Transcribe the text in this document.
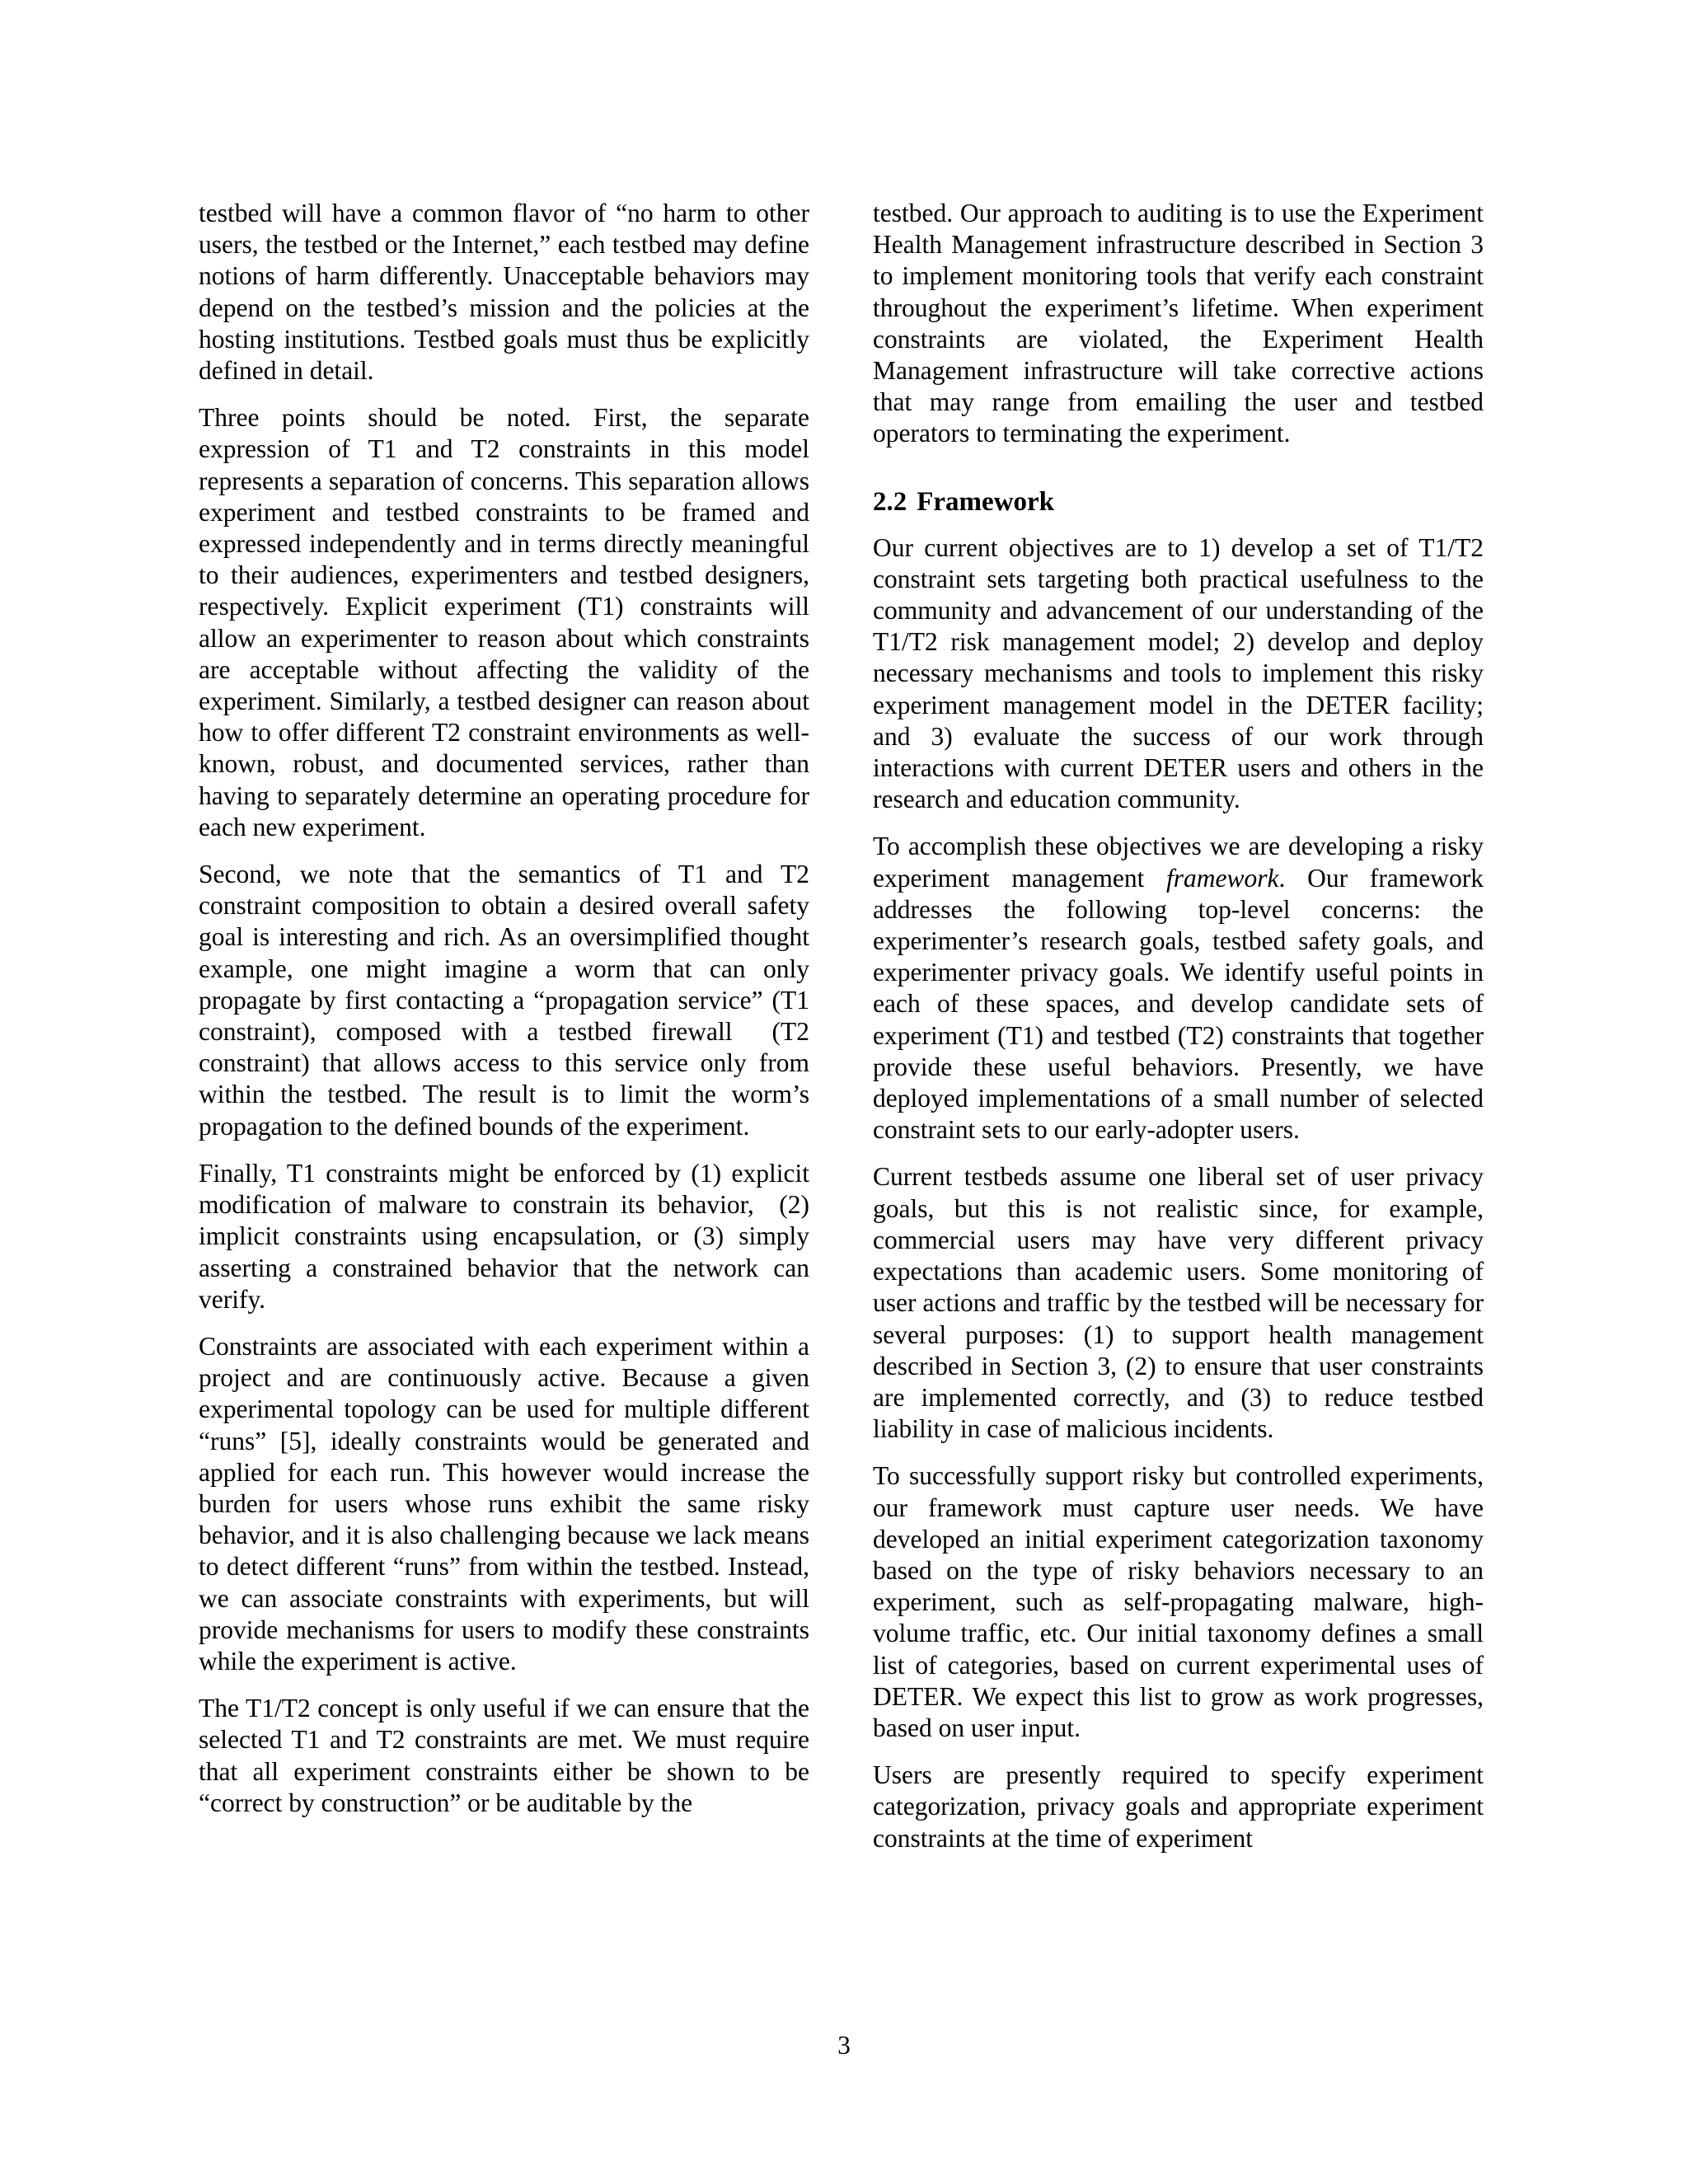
testbed will have a common flavor of “no harm to other users, the testbed or the Internet,” each testbed may define notions of harm differently. Unacceptable behaviors may depend on the testbed’s mission and the policies at the hosting institutions. Testbed goals must thus be explicitly defined in detail.

Three points should be noted. First, the separate expression of T1 and T2 constraints in this model represents a separation of concerns. This separation allows experiment and testbed constraints to be framed and expressed independently and in terms directly meaningful to their audiences, experimenters and testbed designers, respectively. Explicit experiment (T1) constraints will allow an experimenter to reason about which constraints are acceptable without affecting the validity of the experiment. Similarly, a testbed designer can reason about how to offer different T2 constraint environments as well-known, robust, and documented services, rather than having to separately determine an operating procedure for each new experiment.

Second, we note that the semantics of T1 and T2 constraint composition to obtain a desired overall safety goal is interesting and rich. As an oversimplified thought example, one might imagine a worm that can only propagate by first contacting a “propagation service” (T1 constraint), composed with a testbed firewall  (T2 constraint) that allows access to this service only from within the testbed. The result is to limit the worm’s propagation to the defined bounds of the experiment.

Finally, T1 constraints might be enforced by (1) explicit modification of malware to constrain its behavior,  (2) implicit constraints using encapsulation, or (3) simply asserting a constrained behavior that the network can verify.

Constraints are associated with each experiment within a project and are continuously active. Because a given experimental topology can be used for multiple different “runs” [5], ideally constraints would be generated and applied for each run. This however would increase the burden for users whose runs exhibit the same risky behavior, and it is also challenging because we lack means to detect different “runs” from within the testbed. Instead, we can associate constraints with experiments, but will provide mechanisms for users to modify these constraints while the experiment is active.

The T1/T2 concept is only useful if we can ensure that the selected T1 and T2 constraints are met. We must require that all experiment constraints either be shown to be “correct by construction” or be auditable by the

testbed. Our approach to auditing is to use the Experiment Health Management infrastructure described in Section 3 to implement monitoring tools that verify each constraint throughout the experiment’s lifetime. When experiment constraints are violated, the Experiment Health Management infrastructure will take corrective actions that may range from emailing the user and testbed operators to terminating the experiment.

2.2 Framework

Our current objectives are to 1) develop a set of T1/T2 constraint sets targeting both practical usefulness to the community and advancement of our understanding of the T1/T2 risk management model; 2) develop and deploy necessary mechanisms and tools to implement this risky experiment management model in the DETER facility; and 3) evaluate the success of our work through interactions with current DETER users and others in the research and education community.

To accomplish these objectives we are developing a risky experiment management framework. Our framework addresses the following top-level concerns: the experimenter’s research goals, testbed safety goals, and experimenter privacy goals. We identify useful points in each of these spaces, and develop candidate sets of experiment (T1) and testbed (T2) constraints that together provide these useful behaviors. Presently, we have deployed implementations of a small number of selected constraint sets to our early-adopter users.

Current testbeds assume one liberal set of user privacy goals, but this is not realistic since, for example, commercial users may have very different privacy expectations than academic users. Some monitoring of user actions and traffic by the testbed will be necessary for several purposes: (1) to support health management described in Section 3, (2) to ensure that user constraints are implemented correctly, and (3) to reduce testbed liability in case of malicious incidents.

To successfully support risky but controlled experiments, our framework must capture user needs. We have developed an initial experiment categorization taxonomy based on the type of risky behaviors necessary to an experiment, such as self-propagating malware, high-volume traffic, etc. Our initial taxonomy defines a small list of categories, based on current experimental uses of DETER. We expect this list to grow as work progresses, based on user input.

Users are presently required to specify experiment categorization, privacy goals and appropriate experiment constraints at the time of experiment

3
